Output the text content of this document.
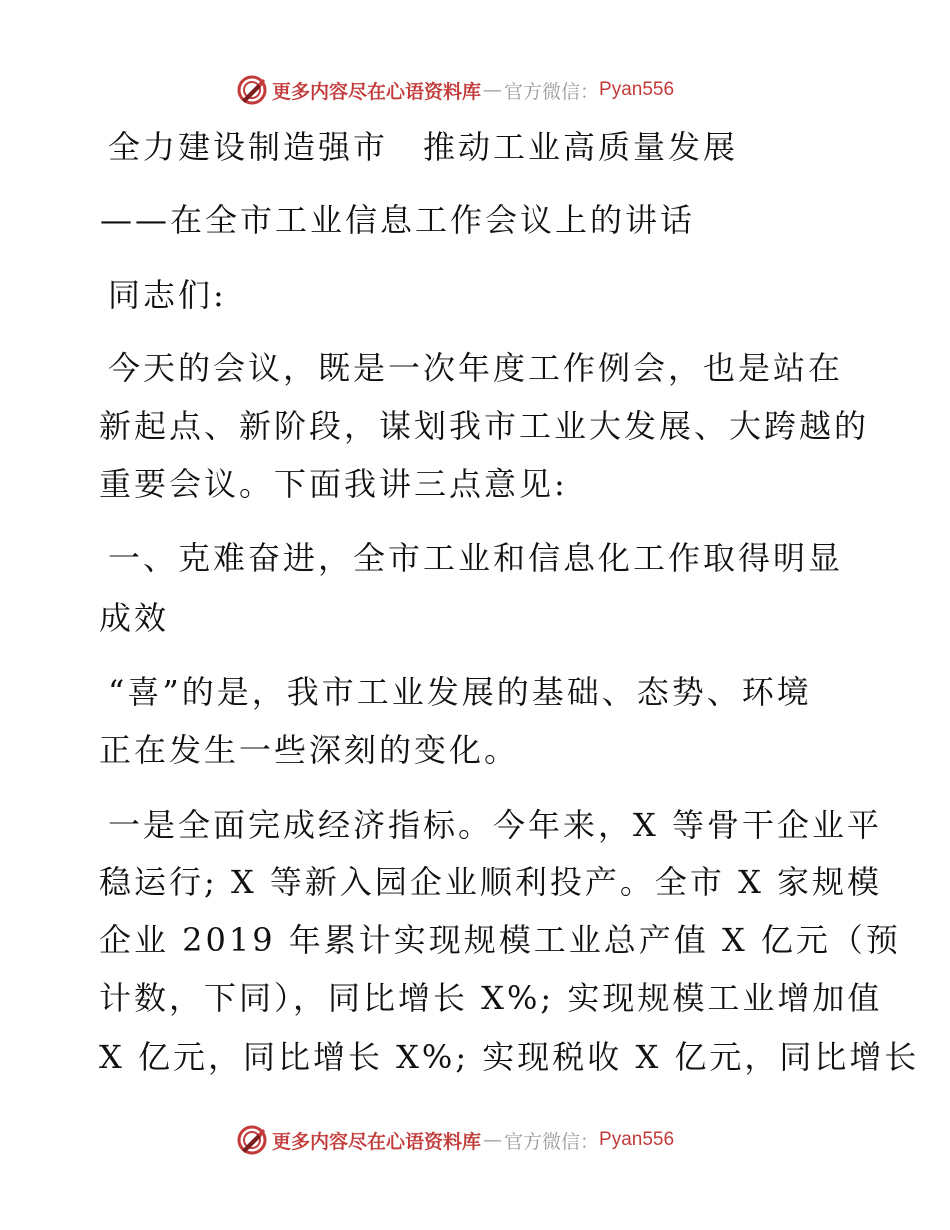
更多内容尽在心语资料库 — 官方微信： Pyan556
全力建设制造强市　推动工业高质量发展
——在全市工业信息工作会议上的讲话
同志们:
今天的会议，既是一次年度工作例会，也是站在
新起点、新阶段，谋划我市工业大发展、大跨越的
重要会议。下面我讲三点意见:
一、克难奋进，全市工业和信息化工作取得明显
成效
“喜”的是，我市工业发展的基础、态势、环境
正在发生一些深刻的变化。
一是全面完成经济指标。今年来，X 等骨干企业平
稳运行; X 等新入园企业顺利投产。全市 X 家规模
企业 2019 年累计实现规模工业总产值 X 亿元（预
计数，下同），同比增长 X%; 实现规模工业增加值
X 亿元，同比增长 X%; 实现税收 X 亿元，同比增长
更多内容尽在心语资料库 — 官方微信： Pyan556
